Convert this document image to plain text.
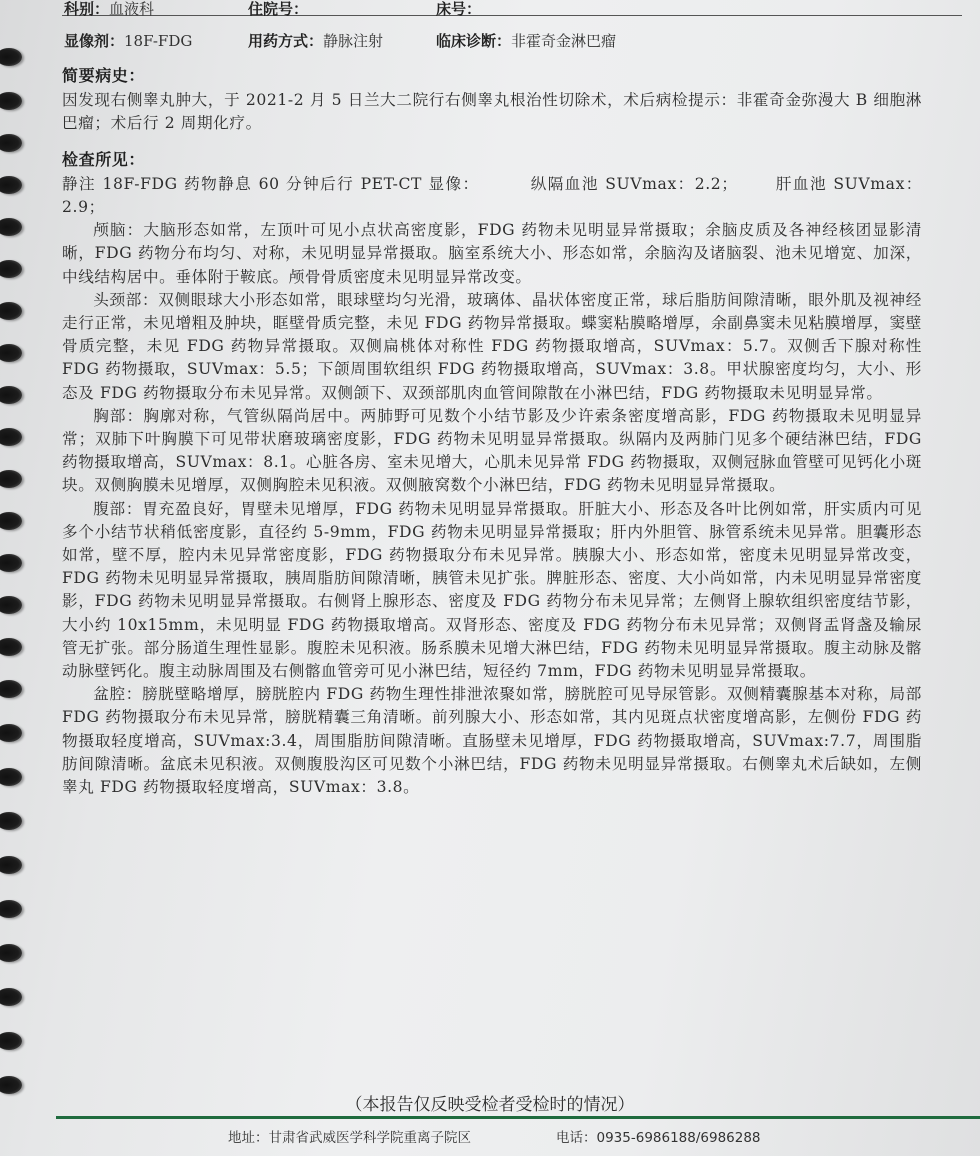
科别：血液科	住院号：	床号：
显像剂：18F-FDG	用药方式：静脉注射	临床诊断：非霍奇金淋巴瘤
简要病史：
因发现右侧睾丸肿大，于 2021-2 月 5 日兰大二院行右侧睾丸根治性切除术，术后病检提示：非霍奇金弥漫大 B 细胞淋巴瘤；术后行 2 周期化疗。
检查所见：
静注 18F-FDG 药物静息 60 分钟后行 PET-CT 显像：        纵隔血池 SUVmax：2.2；      肝血池 SUVmax：2.9；
颅脑：大脑形态如常，左顶叶可见小点状高密度影，FDG 药物未见明显异常摄取；余脑皮质及各神经核团显影清晰，FDG 药物分布均匀、对称，未见明显异常摄取。脑室系统大小、形态如常，余脑沟及诸脑裂、池未见增宽、加深，中线结构居中。垂体附于鞍底。颅骨骨质密度未见明显异常改变。
头颈部：双侧眼球大小形态如常，眼球壁均匀光滑，玻璃体、晶状体密度正常，球后脂肪间隙清晰，眼外肌及视神经走行正常，未见增粗及肿块，眶壁骨质完整，未见 FDG 药物异常摄取。蝶窦粘膜略增厚，余副鼻窦未见粘膜增厚，窦壁骨质完整，未见 FDG 药物异常摄取。双侧扁桃体对称性 FDG 药物摄取增高，SUVmax：5.7。双侧舌下腺对称性 FDG 药物摄取，SUVmax：5.5；下颌周围软组织 FDG 药物摄取增高，SUVmax：3.8。甲状腺密度均匀，大小、形态及 FDG 药物摄取分布未见异常。双侧颌下、双颈部肌肉血管间隙散在小淋巴结，FDG 药物摄取未见明显异常。
胸部：胸廓对称，气管纵隔尚居中。两肺野可见数个小结节影及少许索条密度增高影，FDG 药物摄取未见明显异常；双肺下叶胸膜下可见带状磨玻璃密度影，FDG 药物未见明显异常摄取。纵隔内及两肺门见多个硬结淋巴结，FDG 药物摄取增高，SUVmax：8.1。心脏各房、室未见增大，心肌未见异常 FDG 药物摄取，双侧冠脉血管壁可见钙化小斑块。双侧胸膜未见增厚，双侧胸腔未见积液。双侧腋窝数个小淋巴结，FDG 药物未见明显异常摄取。
腹部：胃充盈良好，胃壁未见增厚，FDG 药物未见明显异常摄取。肝脏大小、形态及各叶比例如常，肝实质内可见多个小结节状稍低密度影，直径约 5-9mm，FDG 药物未见明显异常摄取；肝内外胆管、脉管系统未见异常。胆囊形态如常，壁不厚，腔内未见异常密度影，FDG 药物摄取分布未见异常。胰腺大小、形态如常，密度未见明显异常改变，FDG 药物未见明显异常摄取，胰周脂肪间隙清晰，胰管未见扩张。脾脏形态、密度、大小尚如常，内未见明显异常密度影，FDG 药物未见明显异常摄取。右侧肾上腺形态、密度及 FDG 药物分布未见异常；左侧肾上腺软组织密度结节影，大小约 10x15mm，未见明显 FDG 药物摄取增高。双肾形态、密度及 FDG 药物分布未见异常；双侧肾盂肾盏及输尿管无扩张。部分肠道生理性显影。腹腔未见积液。肠系膜未见增大淋巴结，FDG 药物未见明显异常摄取。腹主动脉及髂动脉壁钙化。腹主动脉周围及右侧髂血管旁可见小淋巴结，短径约 7mm，FDG 药物未见明显异常摄取。
盆腔：膀胱壁略增厚，膀胱腔内 FDG 药物生理性排泄浓聚如常，膀胱腔可见导尿管影。双侧精囊腺基本对称，局部 FDG 药物摄取分布未见异常，膀胱精囊三角清晰。前列腺大小、形态如常，其内见斑点状密度增高影，左侧份 FDG 药物摄取轻度增高，SUVmax:3.4，周围脂肪间隙清晰。直肠壁未见增厚，FDG 药物摄取增高，SUVmax:7.7，周围脂肪间隙清晰。盆底未见积液。双侧腹股沟区可见数个小淋巴结，FDG 药物未见明显异常摄取。右侧睾丸术后缺如，左侧睾丸 FDG 药物摄取轻度增高，SUVmax：3.8。
（本报告仅反映受检者受检时的情况）
地址：甘肃省武威医学科学院重离子院区	电话：0935-6986188/6986288
